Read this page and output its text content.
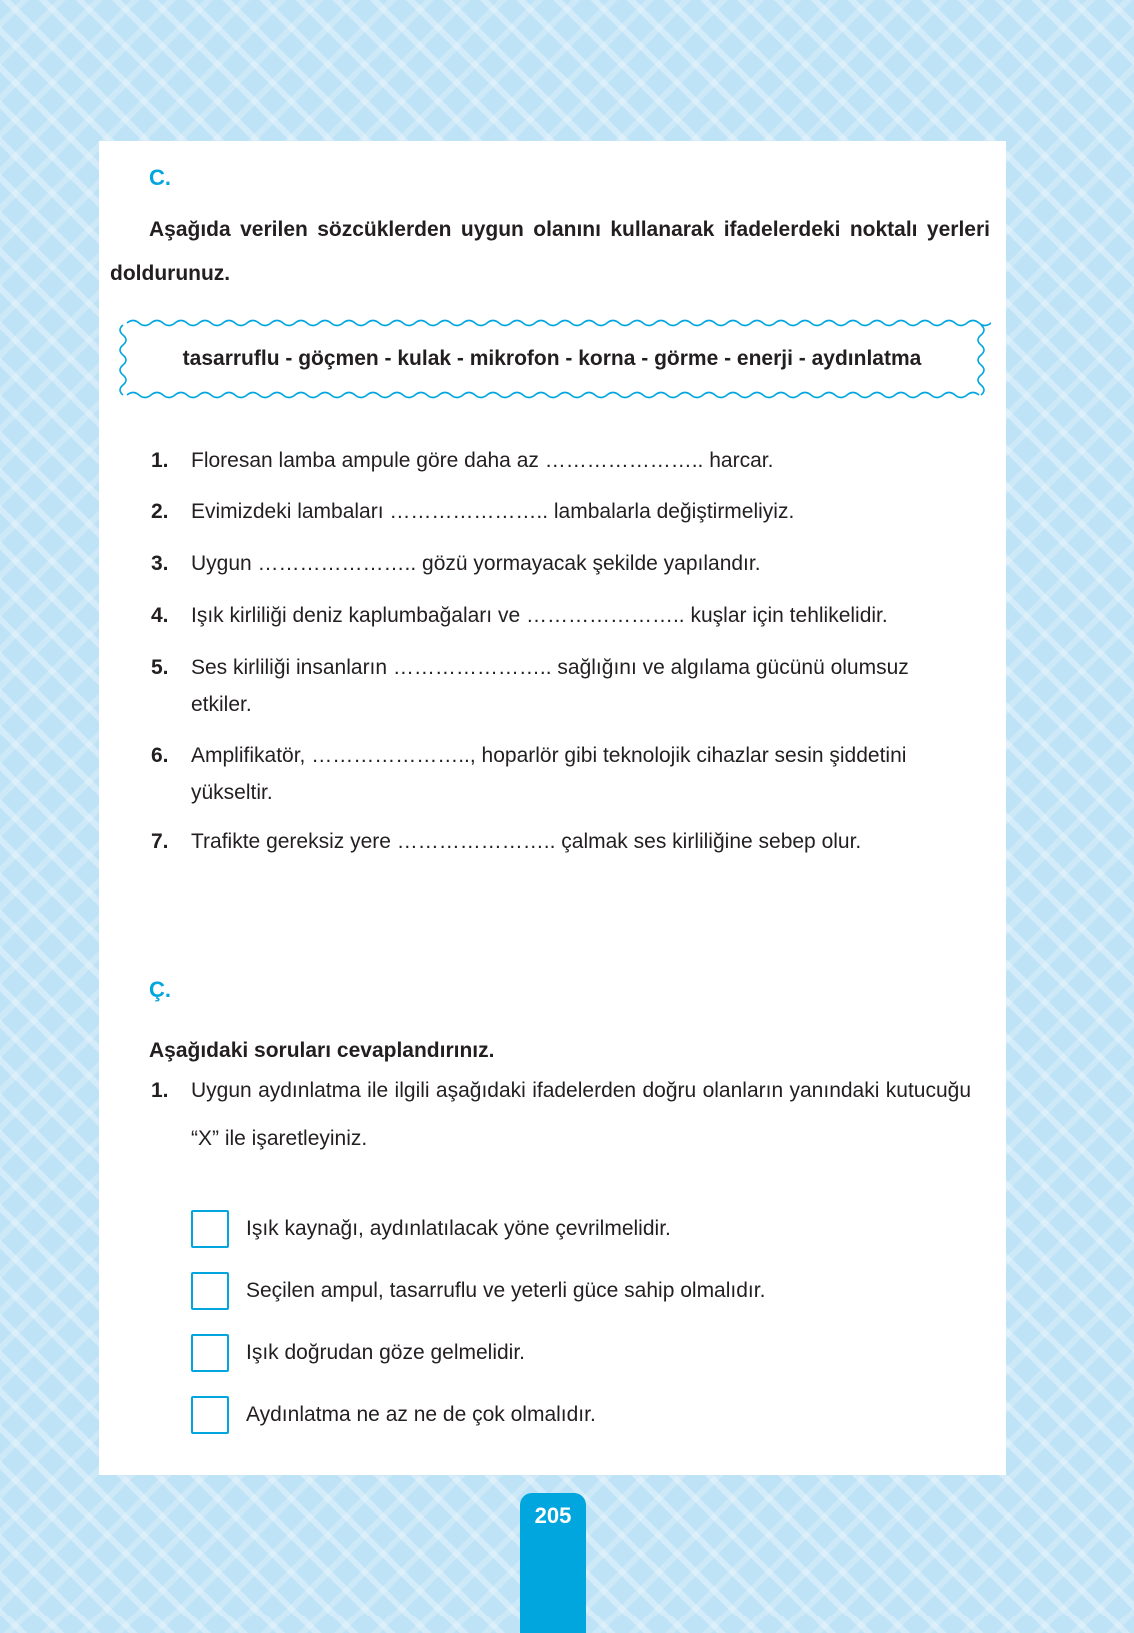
C.
Aşağıda verilen sözcüklerden uygun olanını kullanarak ifadelerdeki noktalı yerleri doldurunuz.
tasarruflu - göçmen - kulak - mikrofon - korna - görme - enerji - aydınlatma
1. Floresan lamba ampule göre daha az ………………….. harcar.
2. Evimizdeki lambaları ………………….. lambalarla değiştirmeliyiz.
3. Uygun ………………….. gözü yormayacak şekilde yapılandır.
4. Işık kirliliği deniz kaplumbağaları ve ………………….. kuşlar için tehlikelidir.
5. Ses kirliliği insanların ………………….. sağlığını ve algılama gücünü olumsuz etkiler.
6. Amplifikatör, ………………….., hoparlör gibi teknolojik cihazlar sesin şiddetini yükseltir.
7. Trafikte gereksiz yere ………………….. çalmak ses kirliliğine sebep olur.
Ç.
Aşağıdaki soruları cevaplandırınız.
1. Uygun aydınlatma ile ilgili aşağıdaki ifadelerden doğru olanların yanındaki kutucuğu “X” ile işaretleyiniz.
Işık kaynağı, aydınlatılacak yöne çevrilmelidir.
Seçilen ampul, tasarruflu ve yeterli güce sahip olmalıdır.
Işık doğrudan göze gelmelidir.
Aydınlatma ne az ne de çok olmalıdır.
205
